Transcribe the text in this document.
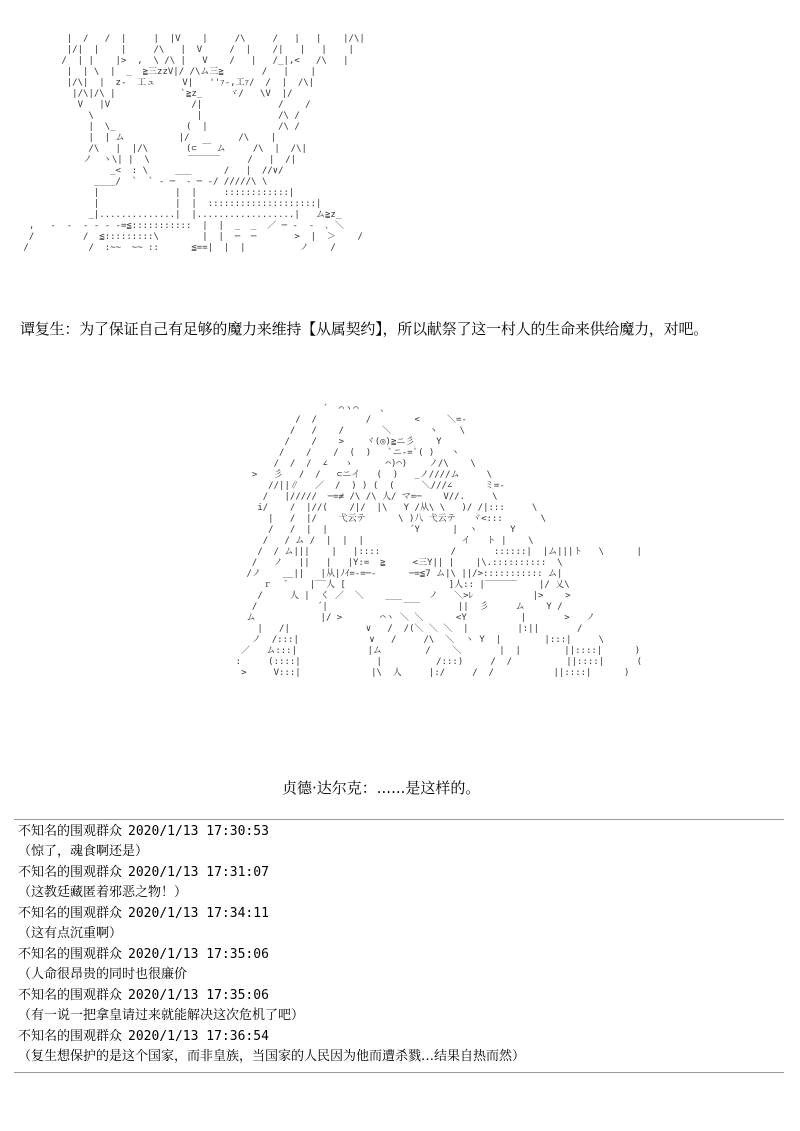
|  /   /  |     |  |V    |     /\     /   |   |    |/\|
|/|  |    |     /\   |  V     /  |    /|   |   |    |
/  | |    |>  ,  \ /\ |   V    /   |   /_|,<   /\   |
|  | \  |  _  ≧三zzV|/ /\ム三≧       /   |    |
|/\|  |  z-  工ュ     V|   ''ｧ-,工ｧ/  /  |  /\|
|/\|/\ |            `≧z_     ヾ/   \V  |/
V   |V               /|              /    /
\                   |              /\ /
|  \_             (  |             /\ /
|  | ム          |/         /\    |
/\   |  |/\       (⊂ ￣ ム     /\  |  /\|
ノ  ヽ\| |  \       ‾‾‾‾‾‾     /   |  /|
_<  : \     ___      /   |  //∨/
____/  `  ` ‐ ─  ‐ ─ ‐/ /////\ \
|              |  |     ::::::::::::|
|              |  |  ::::::::::::::::::::|
_|..............|  |..................|   ム≧z_
,   -  -  - ‐ ‐ ‐=≦:::::::::::  |  |  _  _  ／ ─ -  -  ､ ＼
/         /  ≦:::::::::\        |  |  ─  ─       >  |  ＞    /
/           /  :~~  ~~ ::      ≦==|  |  |          ノ    /
谭复生：为了保证自己有足够的魔力来维持【从属契约】，所以献祭了这一村人的生命来供给魔力，对吧。
´  ⌒ヽ⌒    、
/  /         /        <     ＼=-
/   /    /       ＼       ヽ    \
/    /    >    ヾ(◎)≧ニ彡    Y
/    /    /  (  )   `ニ-=`( )   ヽ
/  /  /  ∠   ゝ      ⌒)⌒)    ノ/\    \
>   彡   /  /   ⊂ニイ   (  )   _ノ////ム     \
//||∥   ／  /  ) ) (  (     ＼///∠      ミ=-
/   |/////  ─=≠ /\ /\ 人/ マ=─    V//.     \
i/    /  |//(    /|/  |\   Y /从\ \   )/ /|:::     \
|   /  |/    弋云テ      \ )八 弋云テ   ヾ<:::       \
/   /  |  |               ´Y      |  ヽ      Y
/   / ム /  |  |  |                  イ   ト |    \
/  / ム|||    |   |::::             /       ::::::|  |ム|||ト   \      |
/   ノ   ||   |   |Y:=  ≧     <三Y|| |    |\.::::::::::  \
/ノ    __||   |从|ﾉｲ=-=─‐      ─=≦7 ム|\ ||/>::::::::::: ム|
ｒ  ´    |‾‾人 [                   ]人:: |‾‾‾‾‾‾    |/ 乂\
/     人 |  く ／  ＼    ___     ノ   ＼>ﾚ           |>    >
/           ´|              ‾‾‾       ||  彡     ム    Y /
ム            |/ >       ⌒ヽ ＼ ＼      <Y          |       >   ノ
|   /|              ∨   /  /(＼ ＼ ＼  |         |:||       /
ノ  /:::|             ∨   /     /\  ＼  ヽ Y  |        |:::|     \
／   ム:::|             |ム        /    ＼       |  |        ||::::|      )
:     (::::|              |          /:::)     /  /          ||::::|      (
>     V:::|             |\  人     |:/     /  /           ||::::|      )
贞德·达尔克：......是这样的。
不知名的围观群众 2020/1/13 17:30:53
（惊了，魂食啊还是）
不知名的围观群众 2020/1/13 17:31:07
（这教廷藏匿着邪恶之物！）
不知名的围观群众 2020/1/13 17:34:11
（这有点沉重啊）
不知名的围观群众 2020/1/13 17:35:06
（人命很昂贵的同时也很廉价
不知名的围观群众 2020/1/13 17:35:06
（有一说一把拿皇请过来就能解决这次危机了吧）
不知名的围观群众 2020/1/13 17:36:54
（复生想保护的是这个国家，而非皇族，当国家的人民因为他而遭杀戮…结果自热而然）
